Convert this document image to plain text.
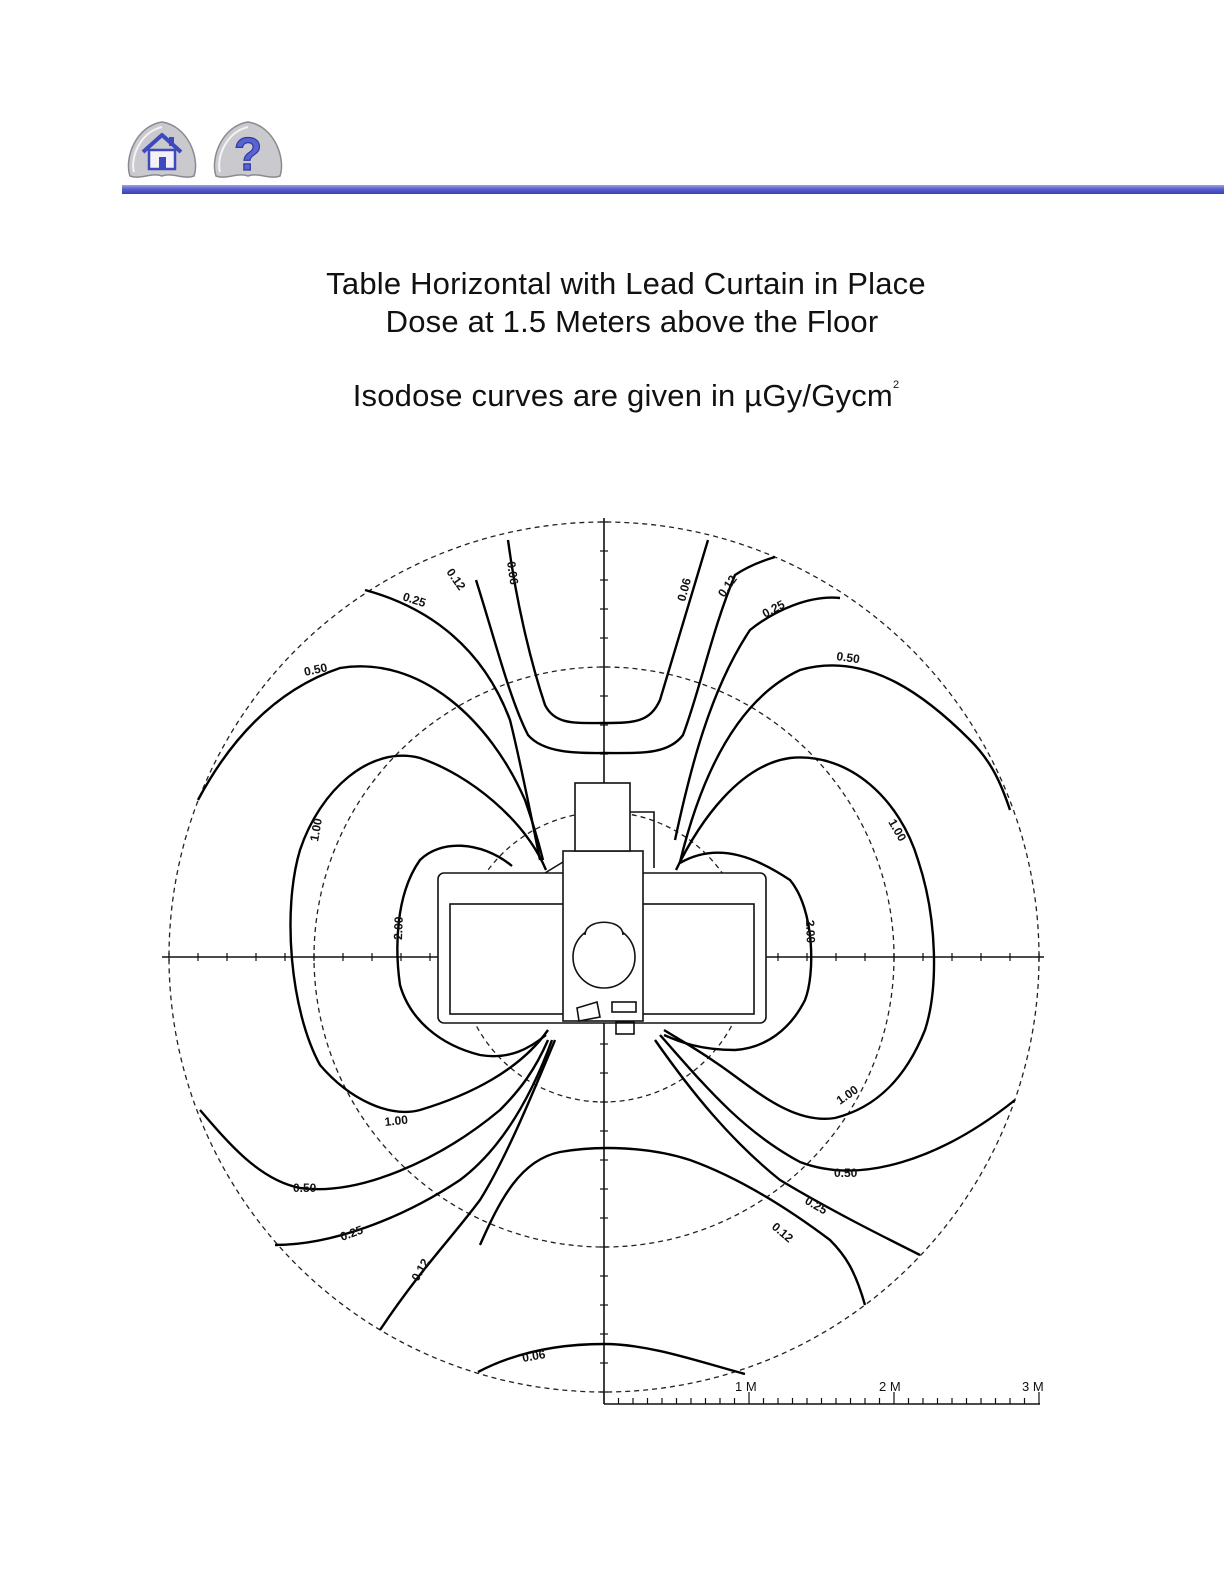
?
Table Horizontal with Lead Curtain in Place
Dose at 1.5 Meters above the Floor
Isodose curves are given in µGy/Gycm$^2$
1 M	2 M	3 M
0.12	0.06
0.25
0.50
1.00
2.00
0.06 0.12
0.25
0.50
1.00
2.00
1.00
0.50
0.25
0.12
0.06
1.00
0.50
0.25
0.12
